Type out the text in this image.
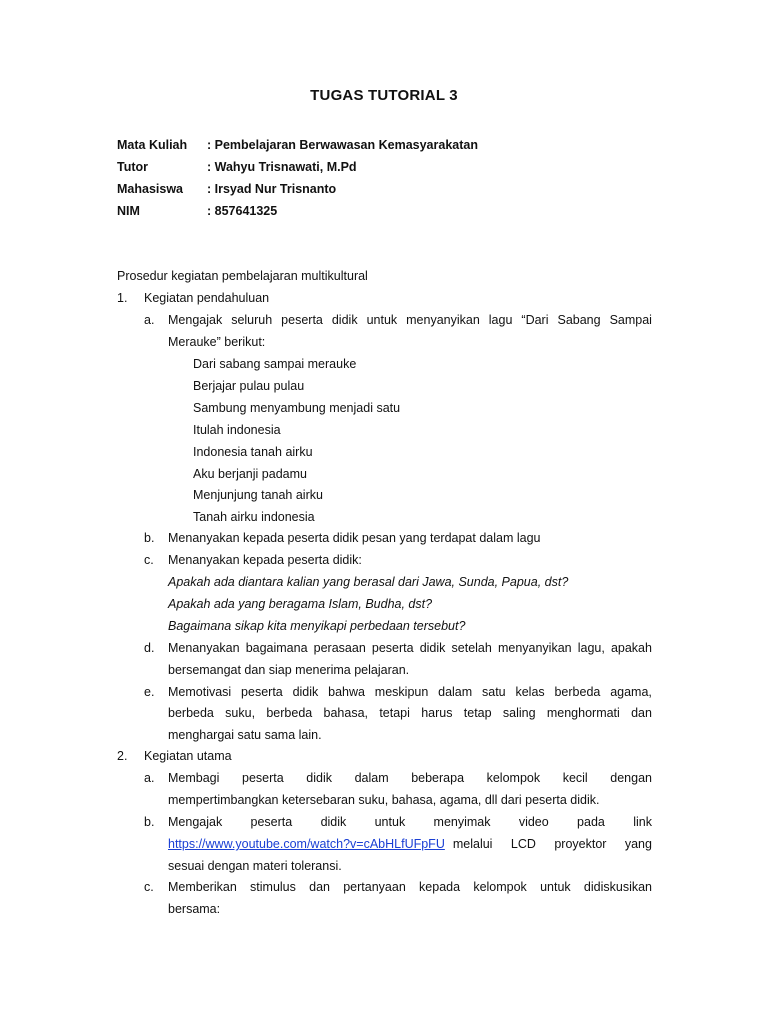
TUGAS TUTORIAL 3
Mata Kuliah	: Pembelajaran Berwawasan Kemasyarakatan
Tutor	: Wahyu Trisnawati, M.Pd
Mahasiswa	: Irsyad Nur Trisnanto
NIM	: 857641325
Prosedur kegiatan pembelajaran multikultural
1. Kegiatan pendahuluan
a. Mengajak seluruh peserta didik untuk menyanyikan lagu “Dari Sabang Sampai
Merauke” berikut:
Dari sabang sampai merauke
Berjajar pulau pulau
Sambung menyambung menjadi satu
Itulah indonesia
Indonesia tanah airku
Aku berjanji padamu
Menjunjung tanah airku
Tanah airku indonesia
b. Menanyakan kepada peserta didik pesan yang terdapat dalam lagu
c. Menanyakan kepada peserta didik:
Apakah ada diantara kalian yang berasal dari Jawa, Sunda, Papua, dst?
Apakah ada yang beragama Islam, Budha, dst?
Bagaimana sikap kita menyikapi perbedaan tersebut?
d. Menanyakan bagaimana perasaan peserta didik setelah menyanyikan lagu, apakah
bersemangat dan siap menerima pelajaran.
e. Memotivasi peserta didik bahwa meskipun dalam satu kelas berbeda agama,
berbeda suku, berbeda bahasa, tetapi harus tetap saling menghormati dan
menghargai satu sama lain.
2. Kegiatan utama
a. Membagi peserta didik dalam beberapa kelompok kecil dengan
mempertimbangkan ketersebaran suku, bahasa, agama, dll dari peserta didik.
b. Mengajak peserta didik untuk menyimak video pada link
https://www.youtube.com/watch?v=cAbHLfUFpFU melalui LCD proyektor yang
sesuai dengan materi toleransi.
c. Memberikan stimulus dan pertanyaan kepada kelompok untuk didiskusikan
bersama:
